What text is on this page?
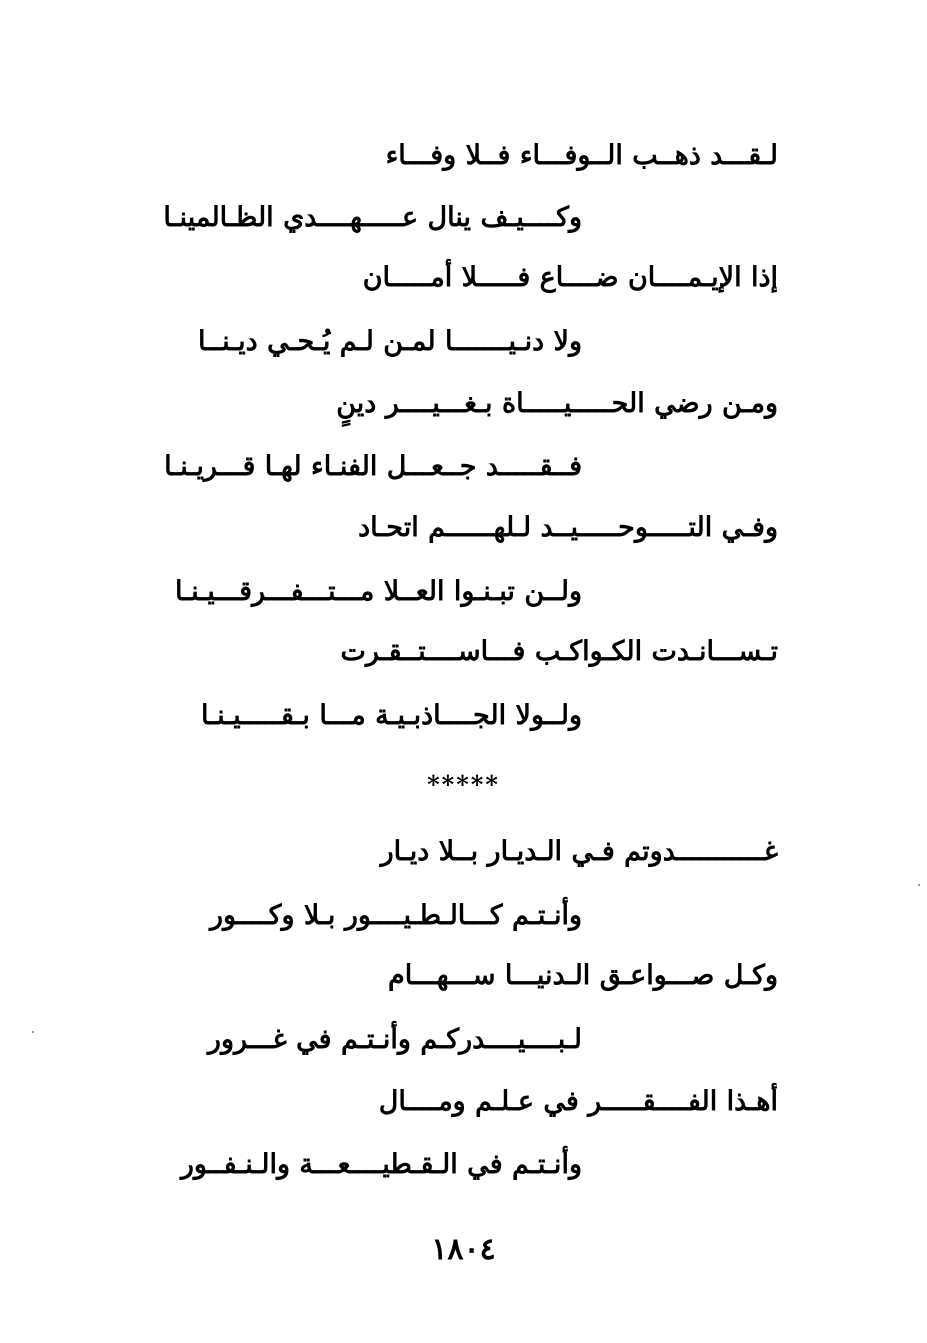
لـقـــد ذهــب الــوفـــاء فــلا وفـــاء
وكــــيـف ينال عـــــهــــدي الظـالمينـا
إذا الإيـمــــان ضــــاع فـــــلا أمـــــان
ولا دنـيـــــــا لمـن لـم يُـحـي ديـنــا
ومـن رضي الحـــــيـــــاة بـغـــيــــر دينٍ
فــقـــــد جــعـــل الفنـاء لهـا قـــريـنـا
وفـي التـــــوحـــــيــد لـلهــــــم اتحـاد
ولــن تبـنـوا العــلا مـــتـــفـــرقـــيـنـا
تـســـانـدت الكـواكـب فـــاســــتــقـرت
ولــولا الجــــاذبـيـة مـــا بـقـــــيـنـا
*****
غـــــــــــدوتم فـي الـديـار بــلا ديـار
وأنـتـم كـــالـطـيــــور بـلا وكــــور
وكـل صـــواعـق الـدنيـــا ســـهـــام
لـبــــيــــدركـم وأنـتـم في غـــرور
أهـذا الفــــقـــــر في عـلـم ومــــال
وأنـتـم في الـقـطيــــعـــة والـنـفــور
١٨٠٤
